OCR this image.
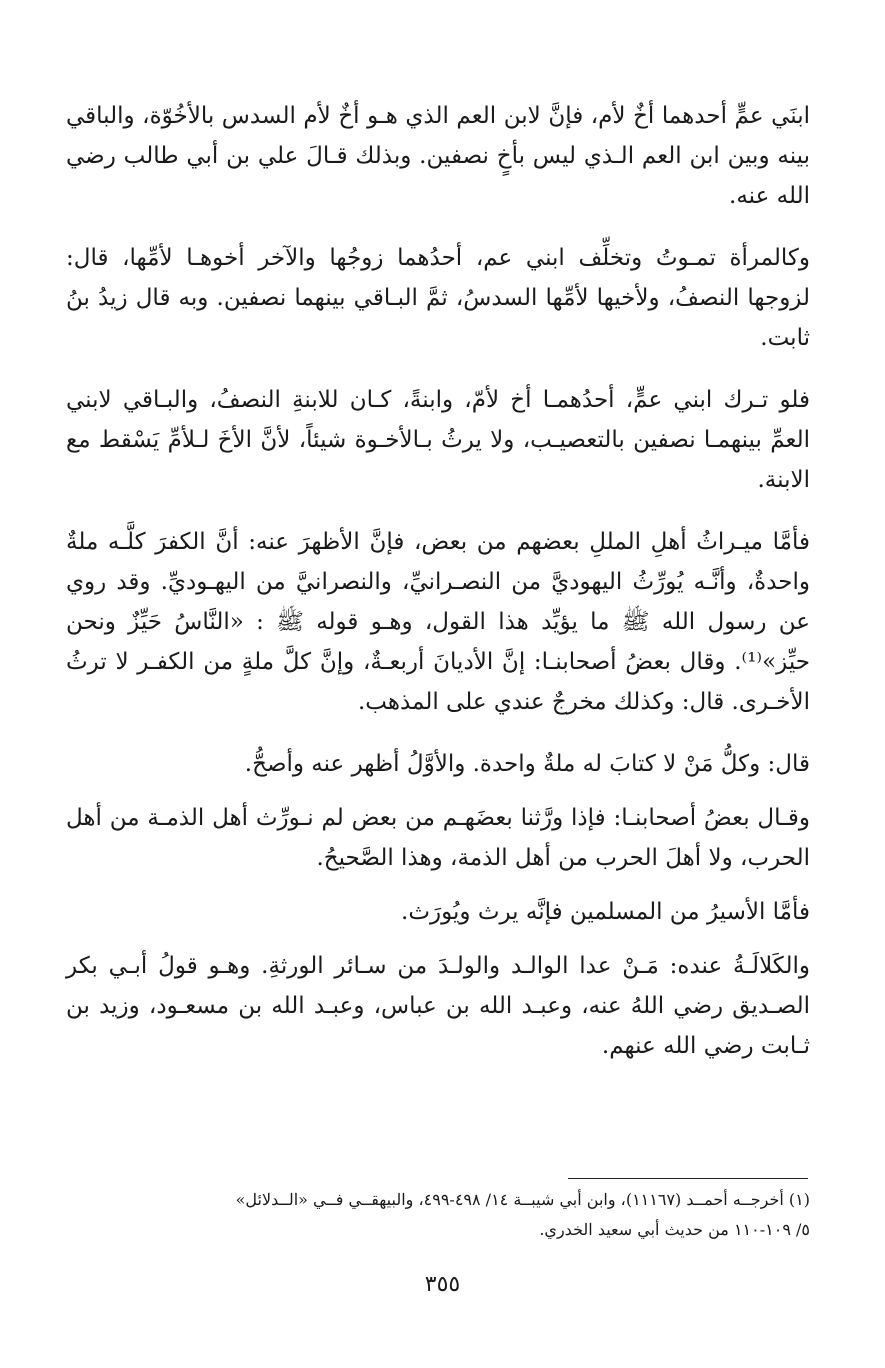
ابنَي عمٍّ أحدهما أخٌ لأم، فإنَّ لابن العم الذي هـو أخٌ لأم السدس بالأخُوّة، والباقي بينه وبين ابن العم الـذي ليس بأخٍ نصفين. وبذلك قـالَ علي بن أبي طالب رضي الله عنه.

وكالمرأة تمـوتُ وتخلِّف ابني عم، أحدُهما زوجُها والآخر أخوهـا لأمِّها، قال: لزوجها النصفُ، ولأخيها لأمِّها السدسُ، ثمَّ البـاقي بينهما نصفين. وبه قال زيدُ بنُ ثابت.

فلو تـرك ابني عمٍّ، أحدُهمـا أخ لأمّ، وابنةً، كـان للابنةِ النصفُ، والبـاقي لابني العمِّ بينهمـا نصفين بالتعصيـب، ولا يرثُ بـالأخـوة شيئاً، لأنَّ الأخَ لـلأمِّ يَسْقط مع الابنة.

فأمَّا ميـراثُ أهلِ المللِ بعضهم من بعض، فإنَّ الأظهرَ عنه: أنَّ الكفرَ كلَّـه ملةٌ واحدةٌ، وأنَّـه يُورِّثُ اليهوديَّ من النصـرانيِّ، والنصرانيَّ من اليهـوديِّ. وقد روي عن رسول الله ﷺ ما يؤيِّد هذا القول، وهـو قوله ﷺ : «النَّاسُ حَيِّزٌ ونحن حيِّز»⁽¹⁾. وقال بعضُ أصحابنـا: إنَّ الأديانَ أربعـةٌ، وإنَّ كلَّ ملةٍ من الكفـر لا ترثُ الأخـرى. قال: وكذلك مخرجٌ عندي على المذهب.

قال: وكلُّ مَنْ لا كتابَ له ملةٌ واحدة. والأوَّلُ أظهر عنه وأصحُّ.

وقـال بعضُ أصحابنـا: فإذا ورَّثنا بعضَهـم من بعض لم نـورِّث أهل الذمـة من أهل الحرب، ولا أهلَ الحرب من أهل الذمة، وهذا الصَّحيحُ.

فأمَّا الأسيرُ من المسلمين فإنَّه يرث ويُورَث.

والكَلالَـةُ عنده: مَـنْ عدا الوالـد والولـدَ من سـائر الورثةِ. وهـو قولُ أبـي بكر الصـديق رضي اللهُ عنه، وعبـد الله بن عباس، وعبـد الله بن مسعـود، وزيد بن ثـابت رضي الله عنهم.

(١) أخرجــه أحمــد (١١١٦٧)، وابن أبي شيبــة ١٤/ ٤٩٨-٤٩٩، والبيهقــي فــي «الــدلائل»

٥/ ١٠٩-١١٠ من حديث أبي سعيد الخدري.

٣٥٥
